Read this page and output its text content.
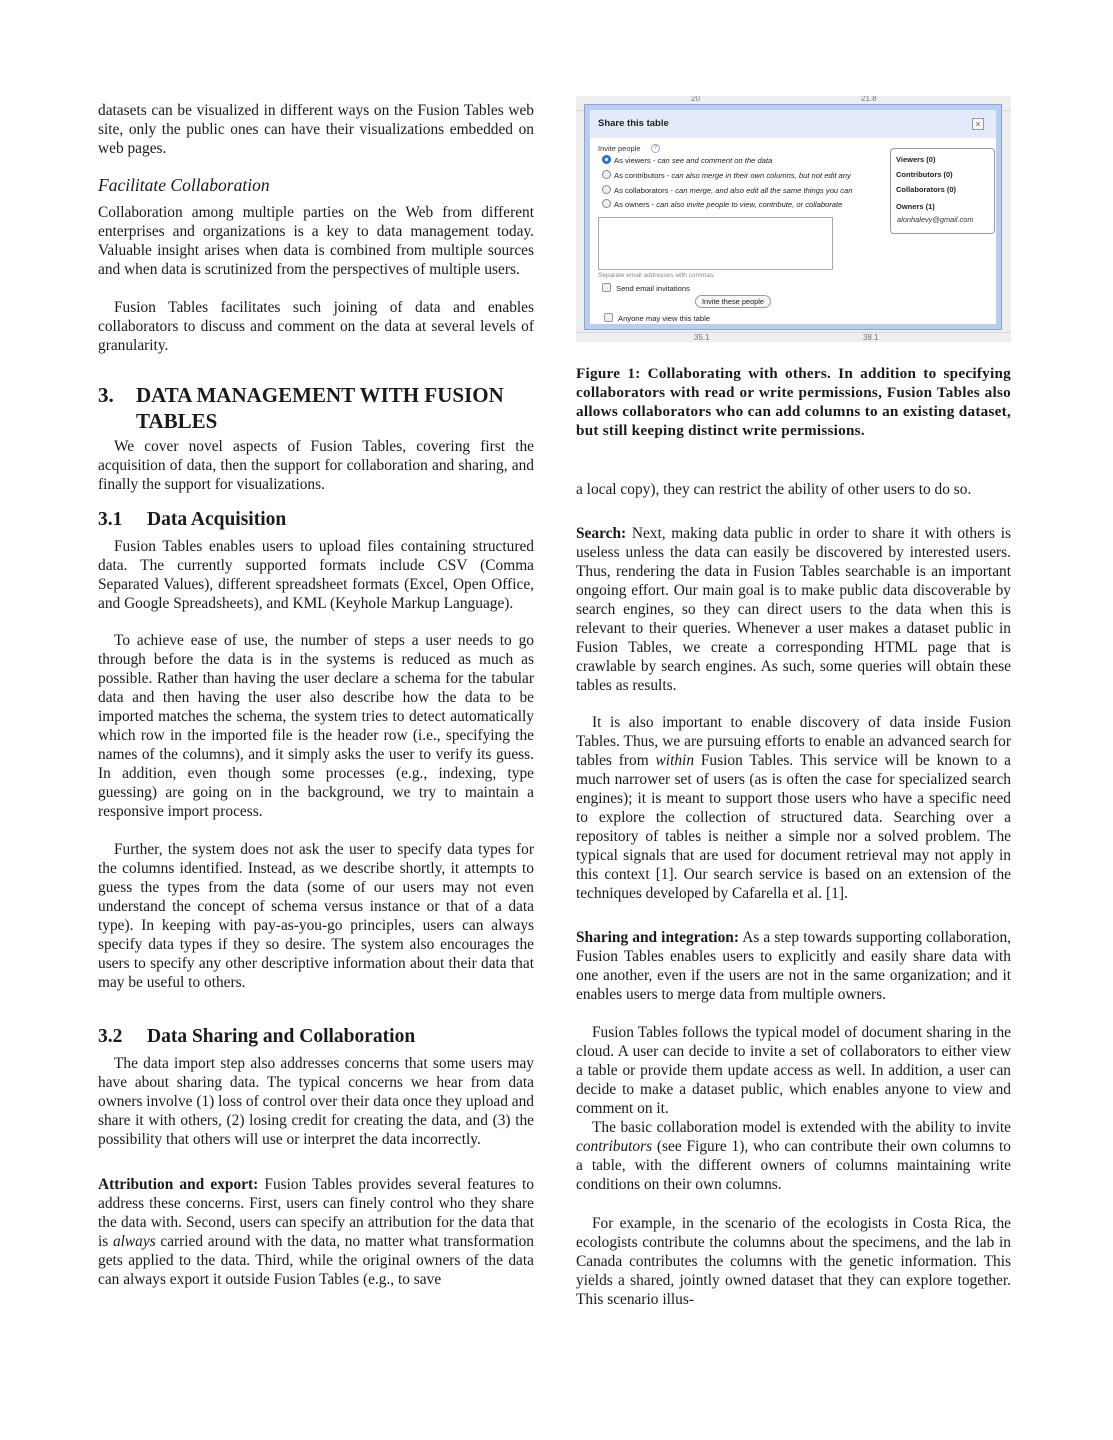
datasets can be visualized in different ways on the Fusion Tables web site, only the public ones can have their visualizations embedded on web pages.

Facilitate Collaboration

Collaboration among multiple parties on the Web from different enterprises and organizations is a key to data management today. Valuable insight arises when data is combined from multiple sources and when data is scrutinized from the perspectives of multiple users.

Fusion Tables facilitates such joining of data and enables collaborators to discuss and comment on the data at several levels of granularity.

3.	DATA MANAGEMENT WITH FUSION TABLES

We cover novel aspects of Fusion Tables, covering first the acquisition of data, then the support for collaboration and sharing, and finally the support for visualizations.

3.1	Data Acquisition

Fusion Tables enables users to upload files containing structured data. The currently supported formats include CSV (Comma Separated Values), different spreadsheet formats (Excel, Open Office, and Google Spreadsheets), and KML (Keyhole Markup Language).

To achieve ease of use, the number of steps a user needs to go through before the data is in the systems is reduced as much as possible. Rather than having the user declare a schema for the tabular data and then having the user also describe how the data to be imported matches the schema, the system tries to detect automatically which row in the imported file is the header row (i.e., specifying the names of the columns), and it simply asks the user to verify its guess. In addition, even though some processes (e.g., indexing, type guessing) are going on in the background, we try to maintain a responsive import process.

Further, the system does not ask the user to specify data types for the columns identified. Instead, as we describe shortly, it attempts to guess the types from the data (some of our users may not even understand the concept of schema versus instance or that of a data type). In keeping with pay-as-you-go principles, users can always specify data types if they so desire. The system also encourages the users to specify any other descriptive information about their data that may be useful to others.

3.2	Data Sharing and Collaboration

The data import step also addresses concerns that some users may have about sharing data. The typical concerns we hear from data owners involve (1) loss of control over their data once they upload and share it with others, (2) losing credit for creating the data, and (3) the possibility that others will use or interpret the data incorrectly.

Attribution and export: Fusion Tables provides several features to address these concerns. First, users can finely control who they share the data with. Second, users can specify an attribution for the data that is always carried around with the data, no matter what transformation gets applied to the data. Third, while the original owners of the data can always export it outside Fusion Tables (e.g., to save

20	21.8
35.1	38.1
Share this table	×
Invite people	?
As viewers - can see and comment on the data
As contributors - can also merge in their own columns, but not edit any
As collaborators - can merge, and also edit all the same things you can
As owners - can also invite people to view, contribute, or collaborate
Separate email addresses with commas.
Send email invitations
Invite these people
Anyone may view this table
Viewers (0)
Contributors (0)
Collaborators (0)
Owners (1)
alonhalevy@gmail.com

Figure 1: Collaborating with others. In addition to specifying collaborators with read or write permissions, Fusion Tables also allows collaborators who can add columns to an existing dataset, but still keeping distinct write permissions.

a local copy), they can restrict the ability of other users to do so.

Search: Next, making data public in order to share it with others is useless unless the data can easily be discovered by interested users. Thus, rendering the data in Fusion Tables searchable is an important ongoing effort. Our main goal is to make public data discoverable by search engines, so they can direct users to the data when this is relevant to their queries. Whenever a user makes a dataset public in Fusion Tables, we create a corresponding HTML page that is crawlable by search engines. As such, some queries will obtain these tables as results.

It is also important to enable discovery of data inside Fusion Tables. Thus, we are pursuing efforts to enable an advanced search for tables from within Fusion Tables. This service will be known to a much narrower set of users (as is often the case for specialized search engines); it is meant to support those users who have a specific need to explore the collection of structured data. Searching over a repository of tables is neither a simple nor a solved problem. The typical signals that are used for document retrieval may not apply in this context [1]. Our search service is based on an extension of the techniques developed by Cafarella et al. [1].

Sharing and integration: As a step towards supporting collaboration, Fusion Tables enables users to explicitly and easily share data with one another, even if the users are not in the same organization; and it enables users to merge data from multiple owners.

Fusion Tables follows the typical model of document sharing in the cloud. A user can decide to invite a set of collaborators to either view a table or provide them update access as well. In addition, a user can decide to make a dataset public, which enables anyone to view and comment on it.

The basic collaboration model is extended with the ability to invite contributors (see Figure 1), who can contribute their own columns to a table, with the different owners of columns maintaining write conditions on their own columns.

For example, in the scenario of the ecologists in Costa Rica, the ecologists contribute the columns about the specimens, and the lab in Canada contributes the columns with the genetic information. This yields a shared, jointly owned dataset that they can explore together. This scenario illus-
